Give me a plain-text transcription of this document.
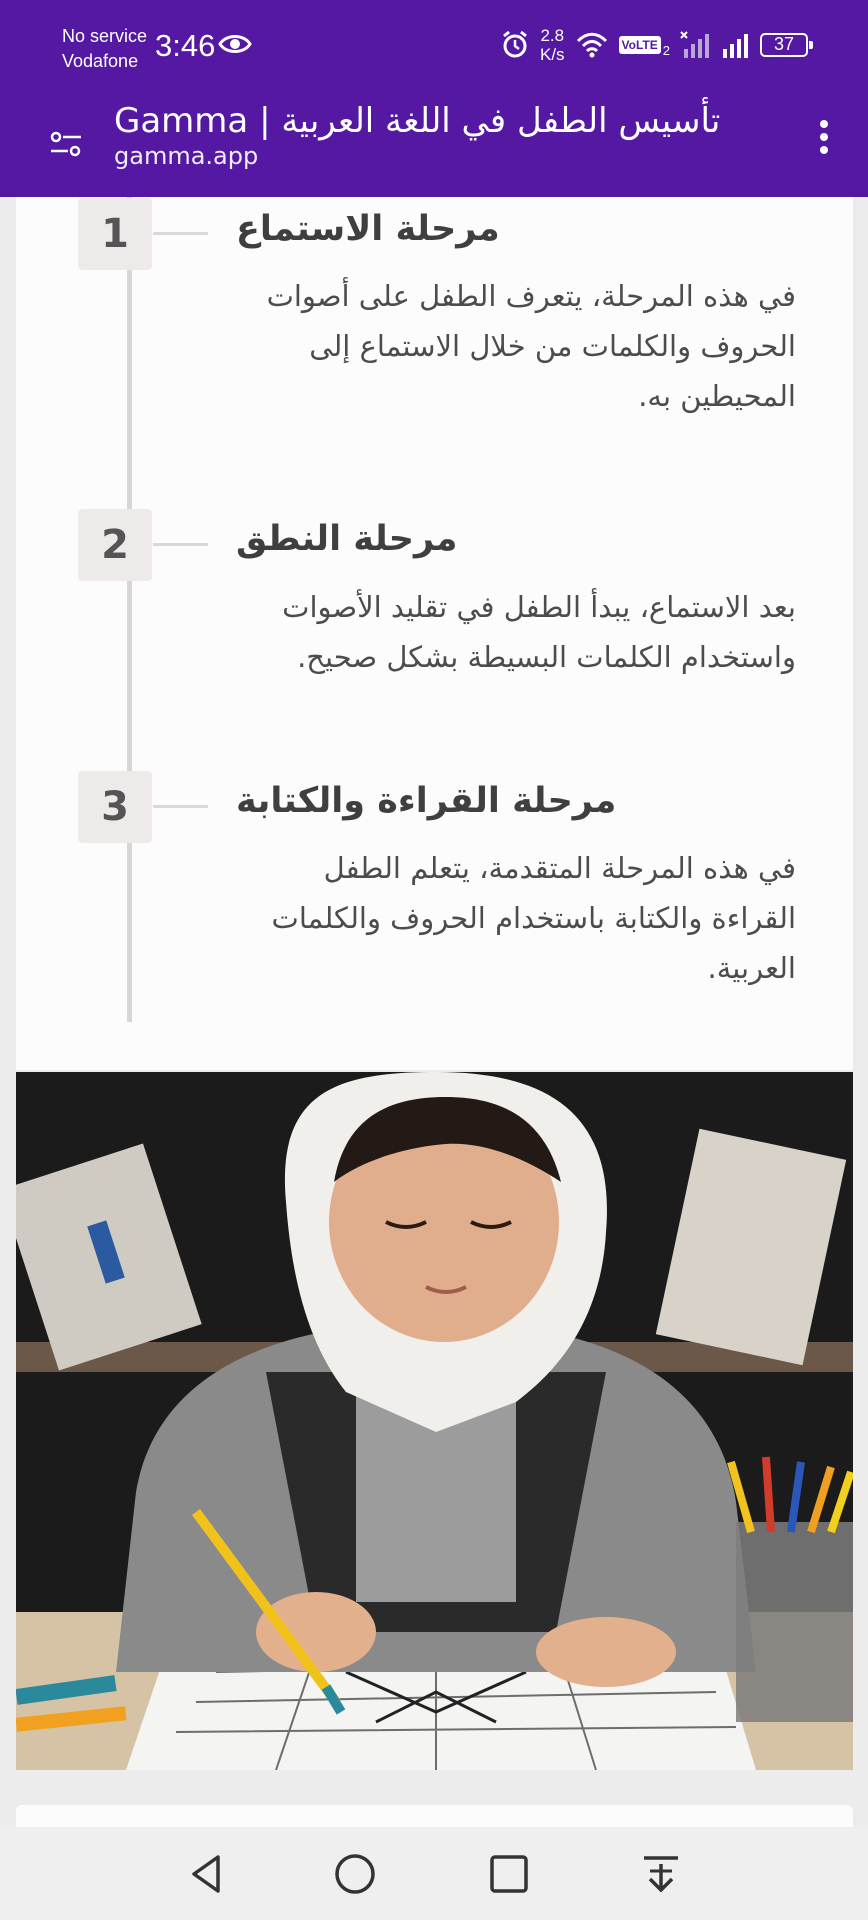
No service
Vodafone 3:46	2.8
K/s	VoLTE 2	37
Gamma | تأسيس الطفل في اللغة العربية
gamma.app
1	مرحلة الاستماع
في هذه المرحلة، يتعرف الطفل على أصوات الحروف والكلمات من خلال الاستماع إلى المحيطين به.
2	مرحلة النطق
بعد الاستماع، يبدأ الطفل في تقليد الأصوات واستخدام الكلمات البسيطة بشكل صحيح.
3	مرحلة القراءة والكتابة
في هذه المرحلة المتقدمة، يتعلم الطفل القراءة والكتابة باستخدام الحروف والكلمات العربية.
